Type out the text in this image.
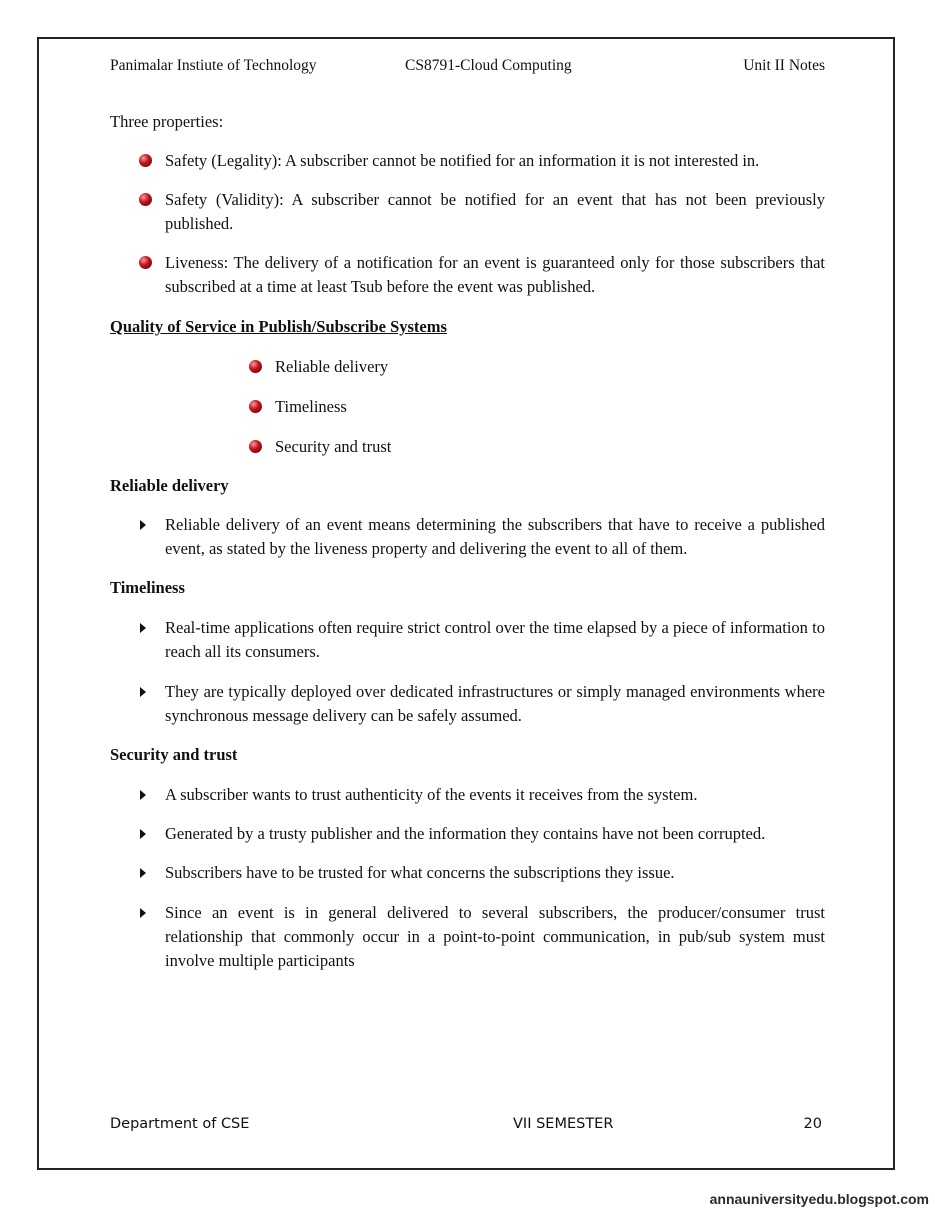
Panimalar Instiute of Technology	CS8791-Cloud Computing	Unit II Notes

Three properties:

Safety (Legality): A subscriber cannot be notified for an information it is not interested in.
Safety (Validity): A subscriber cannot be notified for an event that has not been previously published.
Liveness: The delivery of a notification for an event is guaranteed only for those subscribers that subscribed at a time at least Tsub before the event was published.
Quality of Service in Publish/Subscribe Systems
Reliable delivery
Timeliness
Security and trust
Reliable delivery
Reliable delivery of an event means determining the subscribers that have to receive a published event, as stated by the liveness property and delivering the event to all of them.
Timeliness
Real-time applications often require strict control over the time elapsed by a piece of information to reach all its consumers.
They are typically deployed over dedicated infrastructures or simply managed environments where synchronous message delivery can be safely assumed.
Security and trust
A subscriber wants to trust authenticity of the events it receives from the system.
Generated by a trusty publisher and the information they contains have not been corrupted.
Subscribers have to be trusted for what concerns the subscriptions they issue.
Since an event is in general delivered to several subscribers, the producer/consumer trust relationship that commonly occur in a point-to-point communication, in pub/sub system must involve multiple participants
Department of CSE	VII SEMESTER	20
annauniversityedu.blogspot.com
